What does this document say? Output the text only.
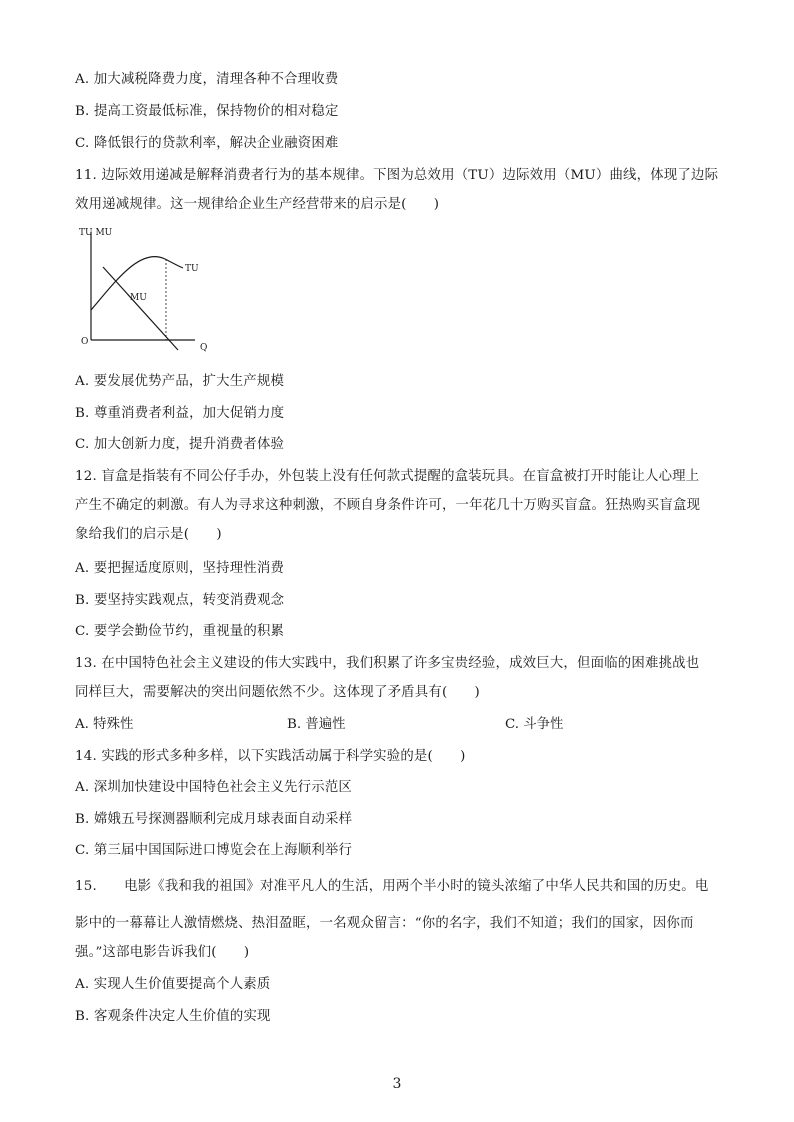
A. 加大减税降费力度，清理各种不合理收费
B. 提高工资最低标准，保持物价的相对稳定
C. 降低银行的贷款利率，解决企业融资困难
11. 边际效用递减是解释消费者行为的基本规律。下图为总效用（TU）边际效用（MU）曲线，体现了边际
效用递减规律。这一规律给企业生产经营带来的启示是(　　)
TU MU
O
Q
TU
MU
A. 要发展优势产品，扩大生产规模
B. 尊重消费者利益，加大促销力度
C. 加大创新力度，提升消费者体验
12. 盲盒是指装有不同公仔手办，外包装上没有任何款式提醒的盒装玩具。在盲盒被打开时能让人心理上
产生不确定的刺激。有人为寻求这种刺激，不顾自身条件许可，一年花几十万购买盲盒。狂热购买盲盒现
象给我们的启示是(　　)
A. 要把握适度原则，坚持理性消费
B. 要坚持实践观点，转变消费观念
C. 要学会勤俭节约，重视量的积累
13. 在中国特色社会主义建设的伟大实践中，我们积累了许多宝贵经验，成效巨大，但面临的困难挑战也
同样巨大，需要解决的突出问题依然不少。这体现了矛盾具有(　　)
A. 特殊性	B. 普遍性	C. 斗争性
14. 实践的形式多种多样，以下实践活动属于科学实验的是(　　)
A. 深圳加快建设中国特色社会主义先行示范区
B. 嫦娥五号探测器顺利完成月球表面自动采样
C. 第三届中国国际进口博览会在上海顺利举行
15.　　电影《我和我的祖国》对准平凡人的生活，用两个半小时的镜头浓缩了中华人民共和国的历史。电
影中的一幕幕让人激情燃烧、热泪盈眶，一名观众留言：“你的名字，我们不知道；我们的国家，因你而
强。”这部电影告诉我们(　　)
A. 实现人生价值要提高个人素质
B. 客观条件决定人生价值的实现
3
